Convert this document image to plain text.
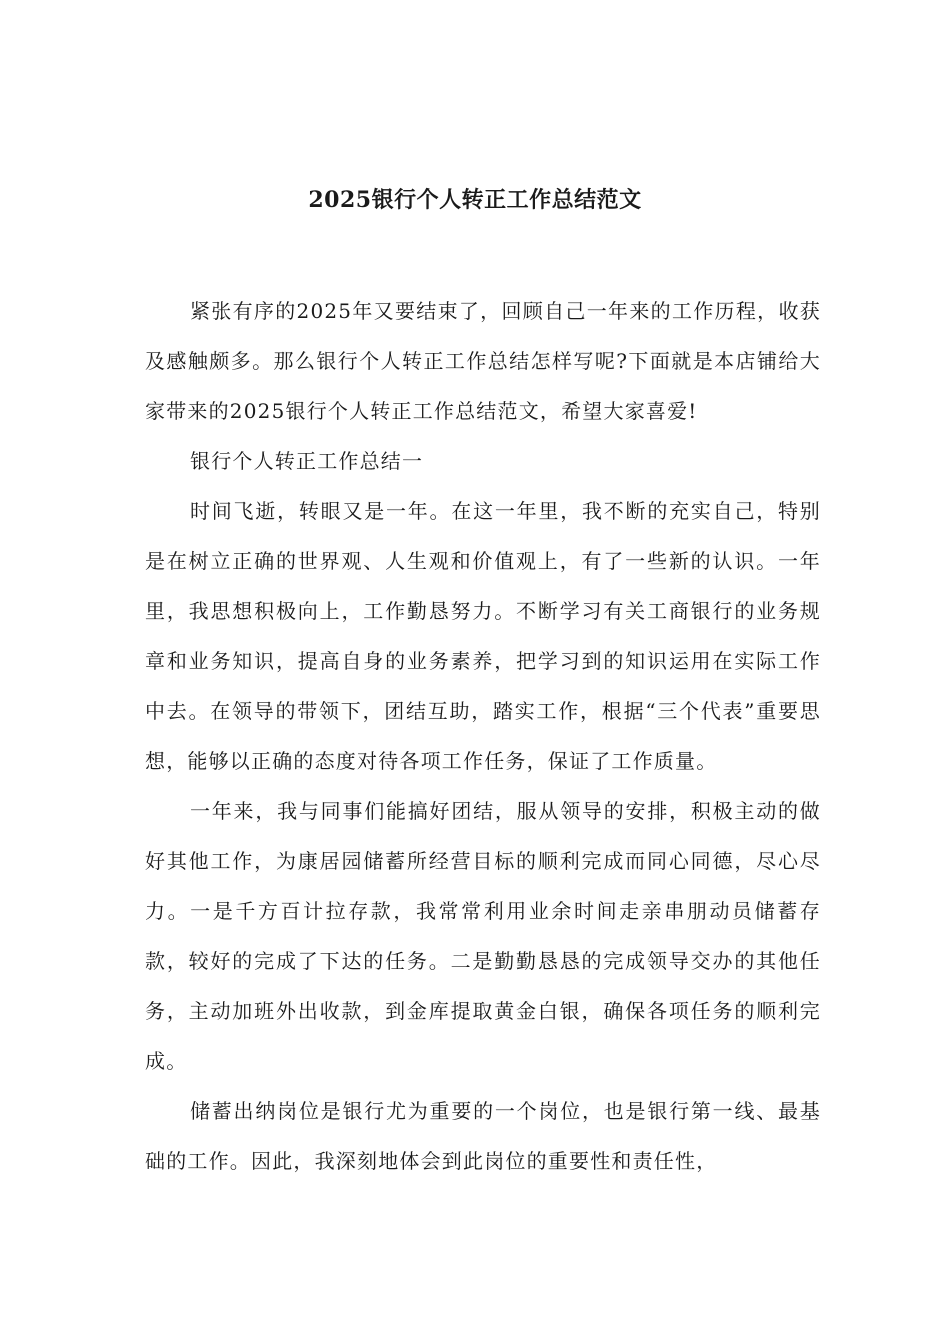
2025银行个人转正工作总结范文

紧张有序的2025年又要结束了，回顾自己一年来的工作历程，收获及感触颇多。那么银行个人转正工作总结怎样写呢?下面就是本店铺给大家带来的2025银行个人转正工作总结范文，希望大家喜爱!

银行个人转正工作总结一

时间飞逝，转眼又是一年。在这一年里，我不断的充实自己，特别是在树立正确的世界观、人生观和价值观上，有了一些新的认识。一年里，我思想积极向上，工作勤恳努力。不断学习有关工商银行的业务规章和业务知识，提高自身的业务素养，把学习到的知识运用在实际工作中去。在领导的带领下，团结互助，踏实工作，根据“三个代表”重要思想，能够以正确的态度对待各项工作任务，保证了工作质量。

一年来，我与同事们能搞好团结，服从领导的安排，积极主动的做好其他工作，为康居园储蓄所经营目标的顺利完成而同心同德，尽心尽力。一是千方百计拉存款，我常常利用业余时间走亲串朋动员储蓄存款，较好的完成了下达的任务。二是勤勤恳恳的完成领导交办的其他任务，主动加班外出收款，到金库提取黄金白银，确保各项任务的顺利完成。

储蓄出纳岗位是银行尤为重要的一个岗位，也是银行第一线、最基础的工作。因此，我深刻地体会到此岗位的重要性和责任性，
